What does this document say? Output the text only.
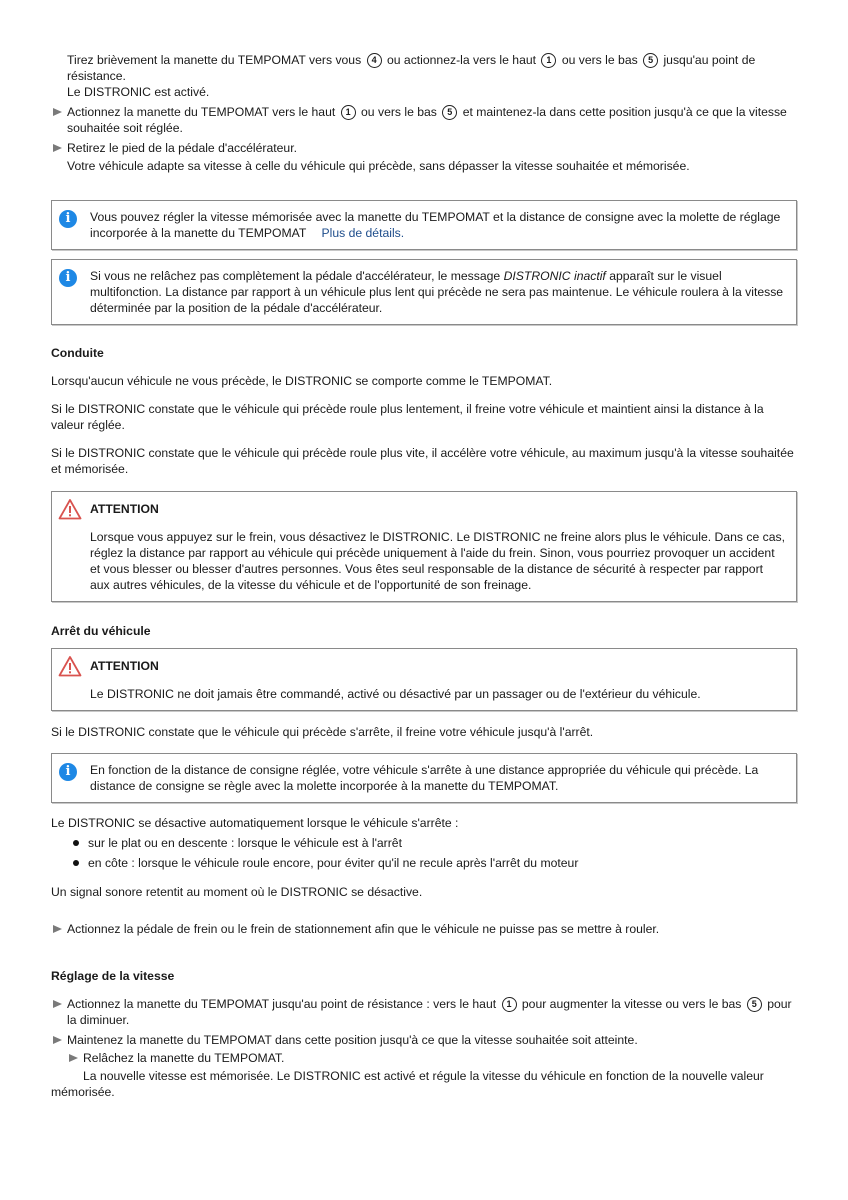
Tirez brièvement la manette du TEMPOMAT vers vous 4 ou actionnez-la vers le haut 1 ou vers le bas 5 jusqu'au point de résistance.
Le DISTRONIC est activé.
Actionnez la manette du TEMPOMAT vers le haut 1 ou vers le bas 5 et maintenez-la dans cette position jusqu'à ce que la vitesse souhaitée soit réglée.
Retirez le pied de la pédale d'accélérateur.
Votre véhicule adapte sa vitesse à celle du véhicule qui précède, sans dépasser la vitesse souhaitée et mémorisée.
i	Vous pouvez régler la vitesse mémorisée avec la manette du TEMPOMAT et la distance de consigne avec la molette de réglage incorporée à la manette du TEMPOMAT Plus de détails.
i	Si vous ne relâchez pas complètement la pédale d'accélérateur, le message DISTRONIC inactif apparaît sur le visuel multifonction. La distance par rapport à un véhicule plus lent qui précède ne sera pas maintenue. Le véhicule roulera à la vitesse déterminée par la position de la pédale d'accélérateur.
Conduite
Lorsqu'aucun véhicule ne vous précède, le DISTRONIC se comporte comme le TEMPOMAT.
Si le DISTRONIC constate que le véhicule qui précède roule plus lentement, il freine votre véhicule et maintient ainsi la distance à la valeur réglée.
Si le DISTRONIC constate que le véhicule qui précède roule plus vite, il accélère votre véhicule, au maximum jusqu'à la vitesse souhaitée et mémorisée.
ATTENTION
Lorsque vous appuyez sur le frein, vous désactivez le DISTRONIC. Le DISTRONIC ne freine alors plus le véhicule. Dans ce cas, réglez la distance par rapport au véhicule qui précède uniquement à l'aide du frein. Sinon, vous pourriez provoquer un accident et vous blesser ou blesser d'autres personnes. Vous êtes seul responsable de la distance de sécurité à respecter par rapport aux autres véhicules, de la vitesse du véhicule et de l'opportunité de son freinage.
Arrêt du véhicule
ATTENTION
Le DISTRONIC ne doit jamais être commandé, activé ou désactivé par un passager ou de l'extérieur du véhicule.
Si le DISTRONIC constate que le véhicule qui précède s'arrête, il freine votre véhicule jusqu'à l'arrêt.
i	En fonction de la distance de consigne réglée, votre véhicule s'arrête à une distance appropriée du véhicule qui précède. La distance de consigne se règle avec la molette incorporée à la manette du TEMPOMAT.
Le DISTRONIC se désactive automatiquement lorsque le véhicule s'arrête :
sur le plat ou en descente : lorsque le véhicule est à l'arrêt
en côte : lorsque le véhicule roule encore, pour éviter qu'il ne recule après l'arrêt du moteur
Un signal sonore retentit au moment où le DISTRONIC se désactive.
Actionnez la pédale de frein ou le frein de stationnement afin que le véhicule ne puisse pas se mettre à rouler.
Réglage de la vitesse
Actionnez la manette du TEMPOMAT jusqu'au point de résistance : vers le haut 1 pour augmenter la vitesse ou vers le bas 5 pour la diminuer.
Maintenez la manette du TEMPOMAT dans cette position jusqu'à ce que la vitesse souhaitée soit atteinte.
Relâchez la manette du TEMPOMAT.
La nouvelle vitesse est mémorisée. Le DISTRONIC est activé et régule la vitesse du véhicule en fonction de la nouvelle valeur mémorisée.
